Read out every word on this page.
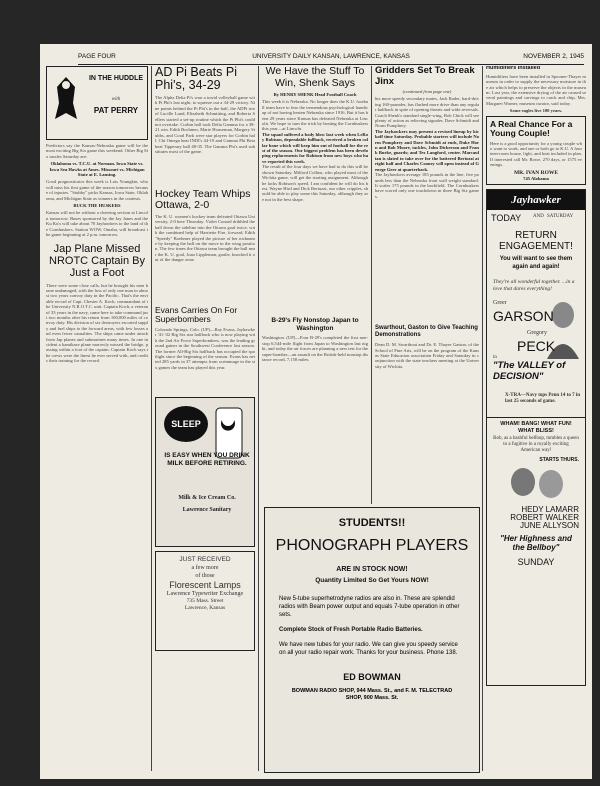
PAGE FOUR	UNIVERSITY DAILY KANSAN, LAWRENCE, KANSAS	NOVEMBER 2, 1945
IN THE HUDDLE
with
PAT PERRY
Predictors say the Kansas-Nebraska game will be the most exciting Big Six game this weekend. Other Big Six tussles Saturday are:
Oklahoma vs. T.C.U. at Norman. Iowa State vs. Iowa Sea Hawks at Ames. Missouri vs. Michigan State at E. Lansing.
Good prognosticator this week is Lois Youngkin, who will miss his first game of the season tomorrow because of injuries. "Stubby" picks Kansas, Iowa State, Oklahoma, and Michigan State as winners in the contests.
BUCK THE HUSKERS
Kansas will not be without a cheering section at Lincoln tomorrow. Buses sponsored by the Jay Janes and the Ku Ku's will take about 70 Jayhawkers to the land of the Cornhuskers. Station WOW, Omaha, will broadcast the game beginning at 2 p.m. tomorrow.
Jap Plane Missed NROTC Captain By Just a Foot
There were some close calls, but he brought his men home undamaged, with the loss of only one man in almost two years convoy duty in the Pacific. That's the enviable record of Capt. Chester A. Koch, commandant of the University N.R.O.T.C. unit. Captain Koch, a veteran of 33 years in the navy, came here to take command just two months after his return from 100,000 miles of convoy duty. His division of six destroyers escorted supply and fuel ships to the forward areas, with few losses and even fewer casualties. The ships came under attack from Jap planes and submarines many times. In one incident a kamikaze plane narrowly missed the bridge, passing within a foot of the captain. Captain Koch says the crews were the finest he ever served with, and credits their training for the record.
AD Pi Beats Pi Phi's, 34-29
The Alpha Delta Pi's won a torrid volleyball game with Pi Phi's last night, to squeeze out a 34-29 victory. Nine points behind the Pi Phi's in the half, the ADPi trio of Lucille Lund, Elizabeth Schmitting, and Roberta Sellers started a set-up routine which the Pi Phi's could not overtake. Corbin hall took Delta Gamma for a 38-21 win. Edith Bochmer, Marie Houseman, Margery Stubbs, and Coral Park were star players for Corbin hall. Chi Omega beat INDI's 44-19 and Gamma Phi Beta beat Tipperary hall 48-35. The Gamma Phi's used substitutes most of the game.
Hockey Team Whips Ottawa, 2-0
The K. U. women's hockey team defeated Ottawa University, 2-0 here Thursday. Violet Conard dribbled the ball down the sideline into the Ottawa goal twice, with the combined help of Harriette Fire, forward. Edith "Speedy" Boehmer played the picture of her nickname by keeping the ball on the move in the wing position. The few times the Ottawa team brought the ball near the K. U. goal, Joan Lippleman, goalie, knocked it out of the danger zone.
Evans Carries On For Superbombers
Colorado Springs, Colo. (UP)—Ray Evans, Jayhawker '41-'42 Big Six star halfback who is now playing with the 2nd Air Force Superbombers, was the leading ground gainer in the Southwest Conference last season. The former All-Big Six halfback has occupied the spotlight since the beginning of the season. Evans has netted 285 yards in 37 attempts from scrimmage in the six games the team has played this year.
SLEEP
IS EASY WHEN YOU DRINK MILK BEFORE RETIRING.
Milk & Ice Cream Co.
Lawrence Sanitary
JUST RECEIVED
a few more
of those
Florescent Lamps
Lawrence Typewriter Exchange
735 Mass. Street
Lawrence, Kansas
We Have the Stuff To Win, Shenk Says
By HENRY SHENK Head Football Coach
This week it is Nebraska. No longer does the K.U. football team have to fear the tremendous psychological handicap of not having beaten Nebraska since 1916. But it has been 29 years since Kansas has defeated Nebraska at Lincoln. We hope to turn the trick by beating the Cornhuskers this year—at Lincoln.
The squad suffered a body blow last week when LeRoy Robison, dependable fullback, received a broken collar bone which will keep him out of football for the rest of the season. Our biggest problem has been developing replacements for Robison from new boys who have reported this week.
The result of the four days we have had to do this will be shown Saturday. Milford Collins, who played most of the Wichita game, will get the starting assignment. Although he lacks Robison's speed, I am confident he will do his best. Wayne Hird and Dick Bertuzzi, our other cripples, should be able to play some this Saturday, although they are not in the best shape.
B-29's Fly Nonstop Japan to Washington
Washington. (UP)—Four B-29's completed the first non-stop 6,544-mile flight from Japan to Washington last night, and today the air forces are planning a new test for the super-bomber—an assault on the British-held nonstop distance record, 7,158 miles.
Gridders Set To Break Jinx
(continued from page one)
his more speedy secondary mates, Jack Rader, hard-driving 160-pounder, has flashed more drive than any regular halfback in spite of opening threats and wide reversals. Coach Shenk's standard single-wing, Bob Chick will see plenty of action as relieving signaler, Dave Schmidt and Norm Pumphrey.
The Jayhawkers may present a revised lineup by kickoff time Saturday. Probable starters will include Norm Pumphrey and Dave Schmidt at ends, Duke Horn and Bob Moore, tackles, John Dickerson and Frank Burke, guards; and Tex Langford, center. Marcaulian is slated to take over for the battered Bertozzi at right half and Charles Cooney will open instead of George Geer at quarterback.
The Jayhawkers average 185 pounds in the line, five pounds less than the Nebraska front wall weight standard. It scales 175 pounds in the backfield. The Cornhuskers have scored only one touchdown in three Big Six games.
Swarthout, Gaston to Give Teaching Demonstrations
Dean D. M. Swarthout and Dr. E. Thayer Gaston, of the School of Fine Arts, will be on the program of the Kansas State Education association Friday and Saturday in conjunction with the state teachers meeting at the University of Wichita.
STUDENTS!!
PHONOGRAPH PLAYERS
ARE IN STOCK NOW!
Quantity Limited So Get Yours NOW!
New 5-tube superhetrodyne radios are also in. These are splendid radios with Beam power output and equals 7-tube operation in other sets.
Complete Stock of Fresh Portable Radio Batteries.
We have new tubes for your radio. We can give you speedy service on all your radio repair work. Thanks for your business. Phone 138.
ED BOWMAN
BOWMAN RADIO SHOP, 944 Mass. St., and F. M. TELECTRAD SHOP, 900 Mass. St.
Humidifiers Installed
Humidifiers have been installed in Spooner-Thayer museum in order to supply the necessary moisture in the air which helps to preserve the objects in the museum. Last year, the extensive drying of the air caused several paintings and carvings to crack and chip, Mrs. Margaret Warner, museum curator, said today.
Some eagles live 100 years.
A Real Chance For a Young Couple!
Here is a good opportunity for a young couple who want to work, and one or both go to K.U. A fourteen-room house, light, and heat included in plan. If interested call Mr. Rowe, 270 days, or 1575 evenings.
MR. IVAN ROWE
745 Alabama
Jayhawker
TODAY AND SATURDAY
RETURN ENGAGEMENT!
You will want to see them again and again!
They're all wonderful together. ...in a love that dares everything!
Greer
GARSON
Gregory
PECK
in
"The VALLEY of DECISION"
X-TRA—Navy tops Penn 14 to 7 in last 25 seconds of game.
WHAM! BANG! WHAT FUN! WHAT BLISS!
Bob, as a bashful bellhop, tumbles a queen to a fugitive in a royally exciting American way!
STARTS THURS.
HEDY LAMARR
ROBERT WALKER
JUNE ALLYSON
"Her Highness and the Bellboy"
SUNDAY
